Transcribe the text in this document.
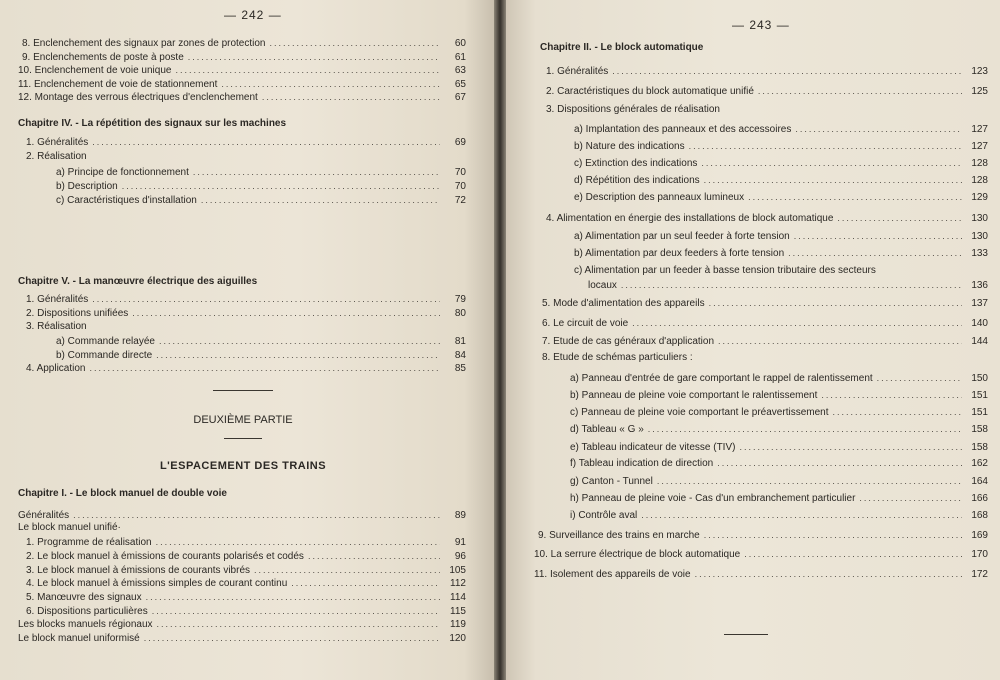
— 242 —
8. Enclenchement des signaux par zones de protection .....	60
9. Enclenchements de poste à poste .....	61
10. Enclenchement de voie unique .....	63
11. Enclenchement de voie de stationnement .....	65
12. Montage des verrous électriques d'enclenchement .....	67
Chapitre IV. - La répétition des signaux sur les machines
1. Généralités .....	69
2. Réalisation
a) Principe de fonctionnement .....	70
b) Description .....	70
c) Caractéristiques d'installation .....	72
Chapitre V. - La manœuvre électrique des aiguilles
1. Généralités .....	79
2. Dispositions unifiées .....	80
3. Réalisation
a) Commande relayée .....	81
b) Commande directe .....	84
4. Application .....	85
DEUXIÈME PARTIE
L'ESPACEMENT DES TRAINS
Chapitre I. - Le block manuel de double voie
Généralités .....	89
Le block manuel unifié·
1. Programme de réalisation .....	91
2. Le block manuel à émissions de courants polarisés et codés .....	96
3. Le block manuel à émissions de courants vibrés .....	105
4. Le block manuel à émissions simples de courant continu .....	112
5. Manœuvre des signaux .....	114
6. Dispositions particulières .....	115
Les blocks manuels régionaux .....	119
Le block manuel uniformisé .....	120
— 243 —
Chapitre II. - Le block automatique
1. Généralités .....	123
2. Caractéristiques du block automatique unifié .....	125
3. Dispositions générales de réalisation
a) Implantation des panneaux et des accessoires .....	127
b) Nature des indications .....	127
c) Extinction des indications .....	128
d) Répétition des indications .....	128
e) Description des panneaux lumineux .....	129
4. Alimentation en énergie des installations de block automatique .....	130
a) Alimentation par un seul feeder à forte tension .....	130
b) Alimentation par deux feeders à forte tension .....	133
c) Alimentation par un feeder à basse tension tributaire des secteurs
locaux .....	136
5. Mode d'alimentation des appareils .....	137
6. Le circuit de voie .....	140
7. Etude de cas généraux d'application .....	144
8. Etude de schémas particuliers :
a) Panneau d'entrée de gare comportant le rappel de ralentissement .....	150
b) Panneau de pleine voie comportant le ralentissement .....	151
c) Panneau de pleine voie comportant le préavertissement .....	151
d) Tableau « G » .....	158
e) Tableau indicateur de vitesse (TIV) .....	158
f) Tableau indication de direction .....	162
g) Canton - Tunnel .....	164
h) Panneau de pleine voie - Cas d'un embranchement particulier .....	166
i) Contrôle aval .....	168
9. Surveillance des trains en marche .....	169
10. La serrure électrique de block automatique .....	170
11. Isolement des appareils de voie .....	172
